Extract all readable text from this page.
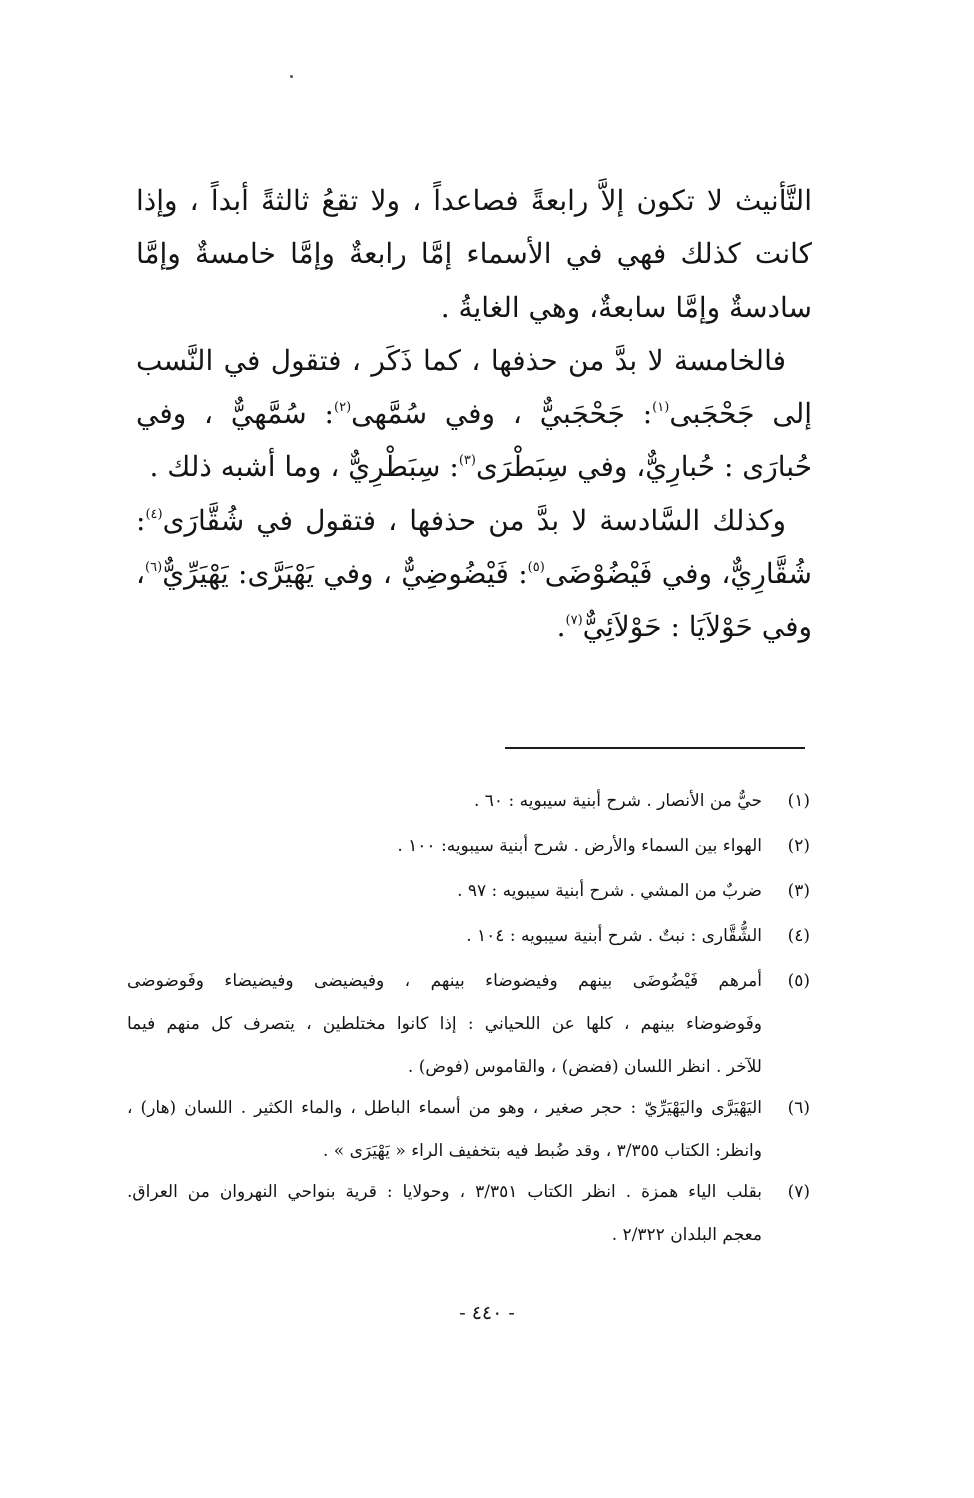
التَّأنيث لا تكون إلاَّ رابعةً فصاعداً ، ولا تقعُ ثالثةً أبداً ، وإذا كانت كذلك فهي في الأسماء إمَّا رابعةٌ وإمَّا خامسةٌ وإمَّا سادسةٌ وإمَّا سابعةٌ، وهي الغايةُ .

فالخامسة لا بدَّ من حذفها ، كما ذَكَر ، فتقول في النَّسب إلى جَحْجَبى$^{(١)}$: جَحْجَبيٌّ ، وفي سُمَّهى$^{(٢)}$: سُمَّهيٌّ ، وفي حُبارَى : حُبارِيٌّ، وفي سِبَطْرَى$^{(٣)}$: سِبَطْرِيٌّ ، وما أشبه ذلك .

وكذلك السَّادسة لا بدَّ من حذفها ، فتقول في شُقَّارَى$^{(٤)}$: شُقَّارِيٌّ، وفي فَيْضُوْضَى$^{(٥)}$: فَيْضُوضِيٌّ ، وفي يَهْيَرَّى: يَهْيَرِّيٌّ$^{(٦)}$، وفي حَوْلاَيَا : حَوْلاَئِيٌّ$^{(٧)}$.

(١)
حيٌّ من الأنصار . شرح أبنية سيبويه : ٦٠ .
(٢)
الهواء بين السماء والأرض . شرح أبنية سيبويه: ١٠٠ .
(٣)
ضربٌ من المشي . شرح أبنية سيبويه : ٩٧ .
(٤)
الشُّقَّارى : نبتٌ . شرح أبنية سيبويه : ١٠٤ .
(٥)
أمرهم فَيْضُوضَى بينهم وفيضوضاء بينهم ، وفيضيضى وفيضيضاء وفَوضوضى
وفَوضوضاء بينهم ، كلها عن اللحياني : إذا كانوا مختلطين ، يتصرف كل منهم فيما
للآخر . انظر اللسان (فضض) ، والقاموس (فوض) .
(٦)
اليَهْيَرَّى واليَهْيَرِّيّ : حجر صغير ، وهو من أسماء الباطل ، والماء الكثير . اللسان (هار) ،
وانظر: الكتاب ٣/٣٥٥ ، وقد ضُبط فيه بتخفيف الراء « يَهْيَرَى » .
(٧)
بقلب الياء همزة . انظر الكتاب ٣/٣٥١ ، وحولايا : قرية بنواحي النهروان من العراق.
معجم البلدان ٢/٣٢٢ .
- ٤٤٠ -
